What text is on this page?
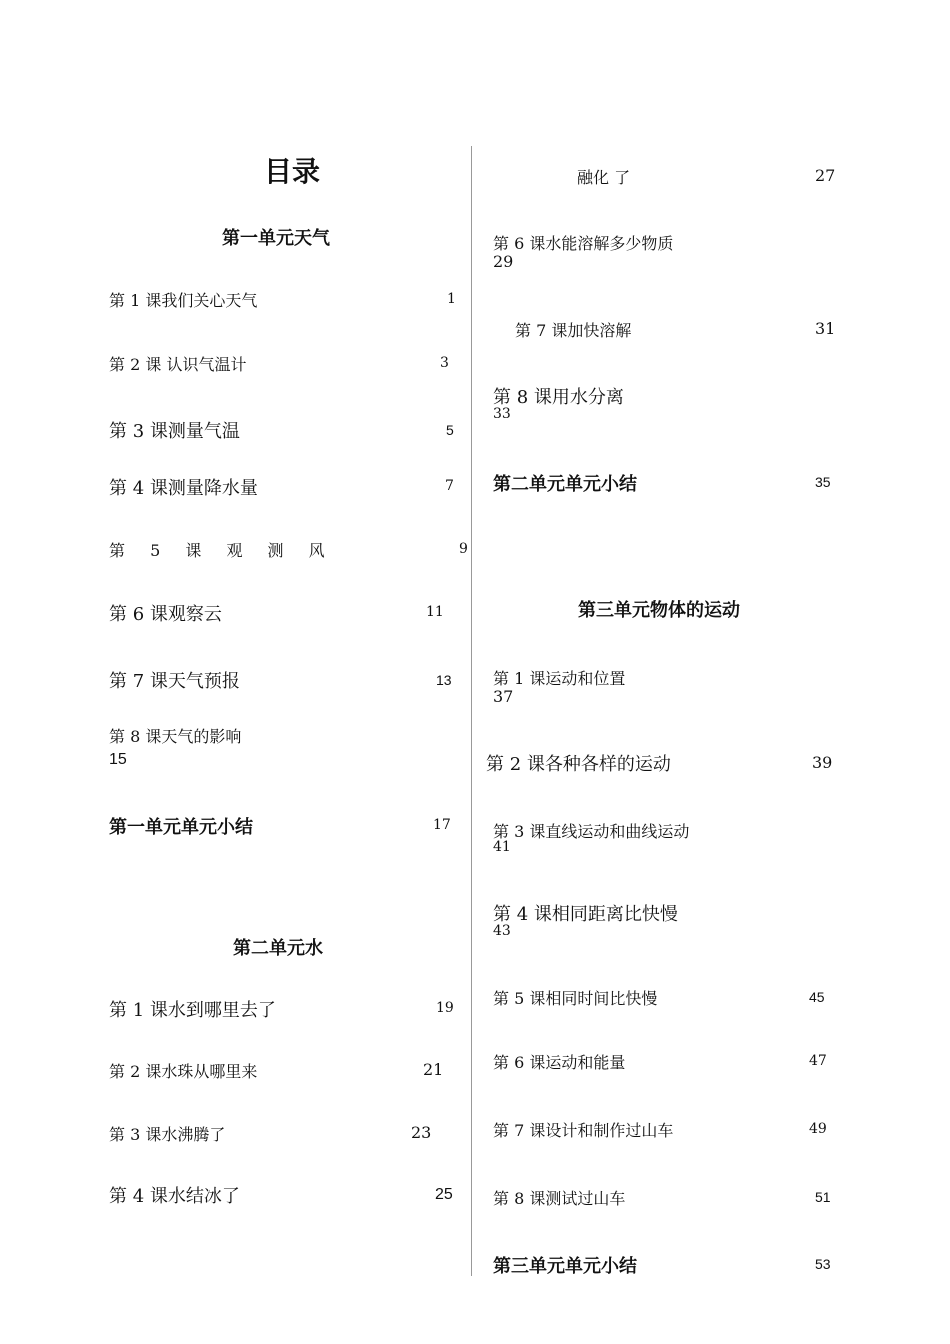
目录
第一单元天气
第 1 课我们关心天气	1
第 2 课 认识气温计	3
第 3 课测量气温	5
第 4 课测量降水量	7
第 5 课 观 测 风	9
第 6 课观察云	11
第 7 课天气预报	13
第 8 课天气的影响
15
第一单元单元小结	17
第二单元水
第 1 课水到哪里去了	19
第 2 课水珠从哪里来	21
第 3 课水沸腾了	23
第 4 课水结冰了	25
融化 了	27
第 6 课水能溶解多少物质
29
第 7 课加快溶解	31
第 8 课用水分离
33
第二单元单元小结	35
第三单元物体的运动
第 1 课运动和位置
37
第 2 课各种各样的运动	39
第 3 课直线运动和曲线运动
41
第 4 课相同距离比快慢
43
第 5 课相同时间比快慢	45
第 6 课运动和能量	47
第 7 课设计和制作过山车	49
第 8 课测试过山车	51
第三单元单元小结	53
